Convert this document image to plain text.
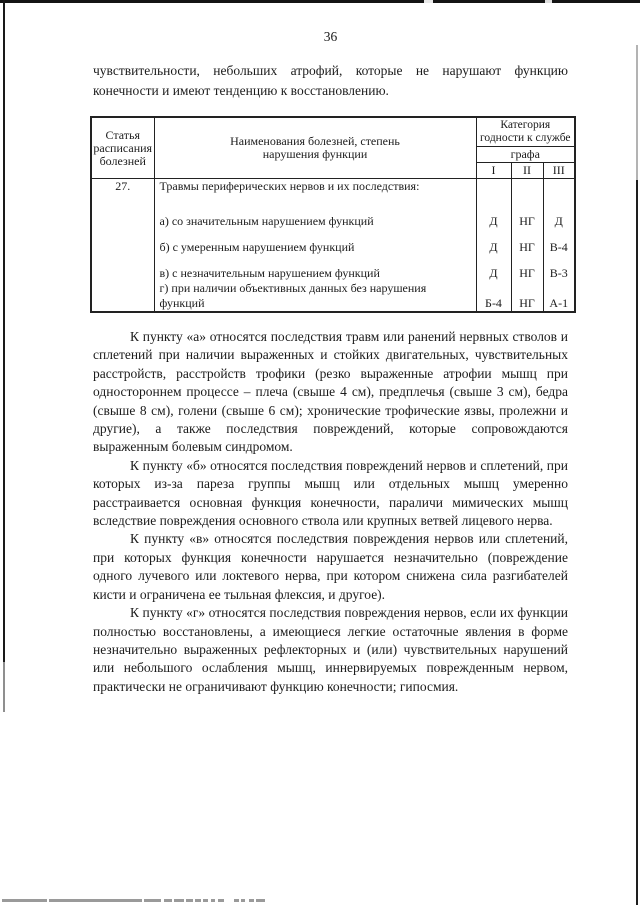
36

чувствительности, небольших атрофий, которые не нарушают функцию конечности и имеют тенденцию к восстановлению.

Статья расписания болезней	Наименования болезней, степень нарушения функции	Категория годности к службе		
		графа		
		I	II	III
27.	Травмы периферических нервов и их последствия:			
	а) со значительным нарушением функций	Д	НГ	Д
	б) с умеренным нарушением функций	Д	НГ	В-4
	в) с незначительным нарушением функций	Д	НГ	В-3
	г) при наличии объективных данных без нарушения функций	Б-4	НГ	А-1

К пункту «а» относятся последствия травм или ранений нервных стволов и сплетений при наличии выраженных и стойких двигательных, чувствительных расстройств, расстройств трофики (резко выраженные атрофии мышц при одностороннем процессе – плеча (свыше 4 см), предплечья (свыше 3 см), бедра (свыше 8 см), голени (свыше 6 см); хронические трофические язвы, пролежни и другие), а также последствия повреждений, которые сопровождаются выраженным болевым синдромом.

К пункту «б» относятся последствия повреждений нервов и сплетений, при которых из-за пареза группы мышц или отдельных мышц умеренно расстраивается основная функция конечности, параличи мимических мышц вследствие повреждения основного ствола или крупных ветвей лицевого нерва.

К пункту «в» относятся последствия повреждения нервов или сплетений, при которых функция конечности нарушается незначительно (повреждение одного лучевого или локтевого нерва, при котором снижена сила разгибателей кисти и ограничена ее тыльная флексия, и другое).

К пункту «г» относятся последствия повреждения нервов, если их функции полностью восстановлены, а имеющиеся легкие остаточные явления в форме незначительно выраженных рефлекторных и (или) чувствительных нарушений или небольшого ослабления мышц, иннервируемых поврежденным нервом, практически не ограничивают функцию конечности; гипосмия.
